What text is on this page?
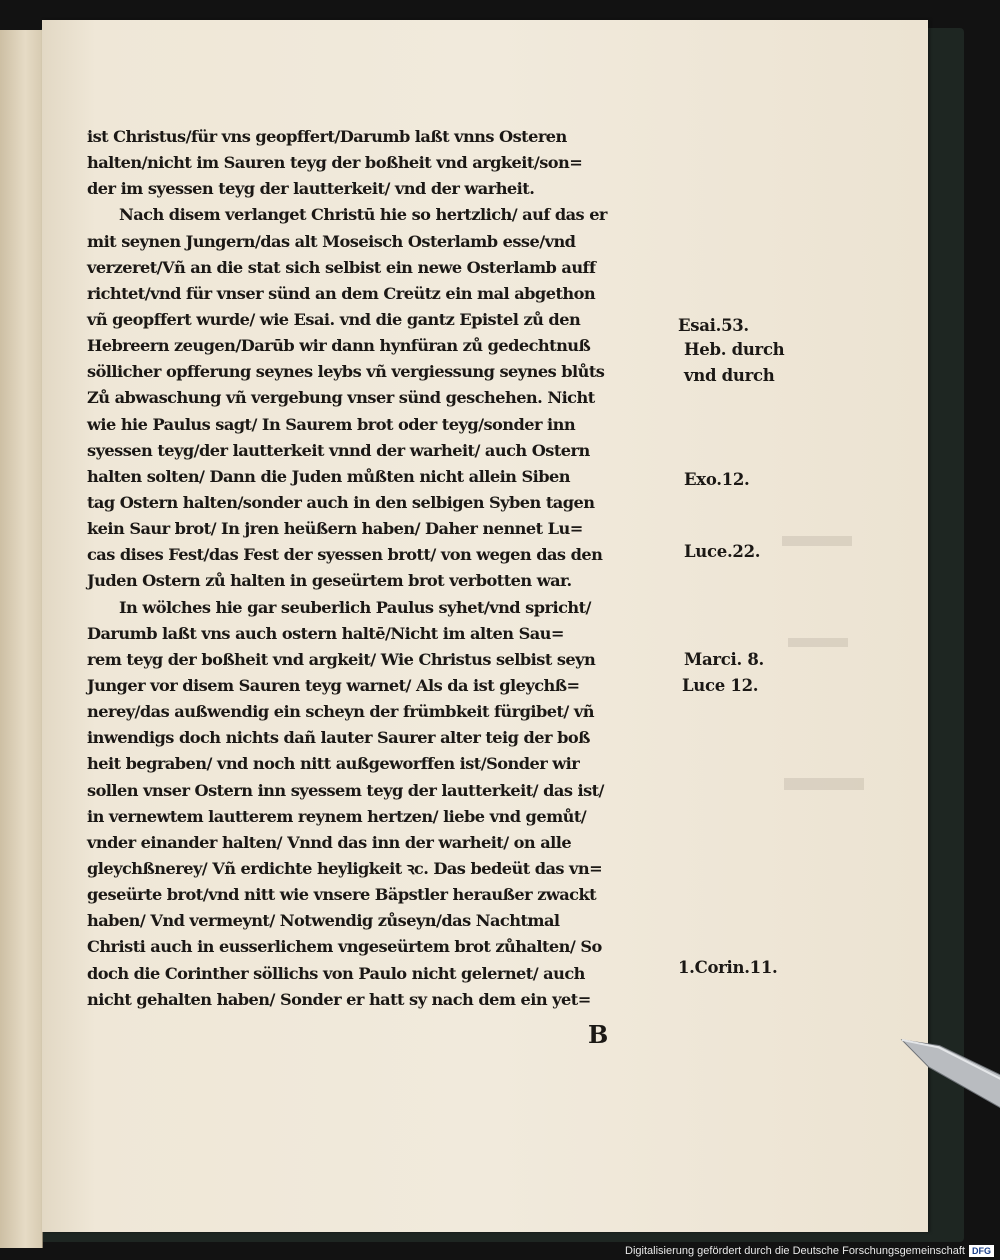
ist Christus/für vns geopffert/Darumb laßt vnns Osteren
halten/nicht im Sauren teyg der boßheit vnd argkeit/son=
der im syessen teyg der lautterkeit/ vnd der warheit.
Nach disem verlanget Christū hie so hertzlich/ auf das er
mit seynen Jungern/das alt Moseisch Osterlamb esse/vnd
verzeret/Vñ an die stat sich selbist ein newe Osterlamb auff
richtet/vnd für vnser sünd an dem Creütz ein mal abgethon
vñ geopffert wurde/ wie Esai. vnd die gantz Epistel zů den
Hebreern zeugen/Darūb wir dann hynfüran zů gedechtnuß
söllicher opfferung seynes leybs vñ vergiessung seynes blůts
Zů abwaschung vñ vergebung vnser sünd geschehen. Nicht
wie hie Paulus sagt/ In Saurem brot oder teyg/sonder inn
syessen teyg/der lautterkeit vnnd der warheit/ auch Ostern
halten solten/ Dann die Juden můßten nicht allein Siben
tag Ostern halten/sonder auch in den selbigen Syben tagen
kein Saur brot/ In jren heüßern haben/ Daher nennet Lu=
cas dises Fest/das Fest der syessen brott/ von wegen das den
Juden Ostern zů halten in geseürtem brot verbotten war.
In wölches hie gar seuberlich Paulus syhet/vnd spricht/
Darumb laßt vns auch ostern haltē/Nicht im alten Sau=
rem teyg der boßheit vnd argkeit/ Wie Christus selbist seyn
Junger vor disem Sauren teyg warnet/ Als da ist gleychß=
nerey/das außwendig ein scheyn der frümbkeit fürgibet/ vñ
inwendigs doch nichts dañ lauter Saurer alter teig der boß
heit begraben/ vnd noch nitt außgeworffen ist/Sonder wir
sollen vnser Ostern inn syessem teyg der lautterkeit/ das ist/
in vernewtem lautterem reynem hertzen/ liebe vnd gemůt/
vnder einander halten/ Vnnd das inn der warheit/ on alle
gleychßnerey/ Vñ erdichte heyligkeit ꝛc. Das bedeüt das vn=
geseürte brot/vnd nitt wie vnsere Bäpstler heraußer zwackt
haben/ Vnd vermeynt/ Notwendig zůseyn/das Nachtmal
Christi auch in eusserlichem vngeseürtem brot zůhalten/ So
doch die Corinther söllichs von Paulo nicht gelernet/ auch
nicht gehalten haben/ Sonder er hatt sy nach dem ein yet=
Esai.53.
Heb. durch
vnd durch
Exo.12.
Luce.22.
Marci. 8.
Luce 12.
1.Corin.11.
B
Digitalisierung gefördert durch die Deutsche Forschungsgemeinschaft DFG
